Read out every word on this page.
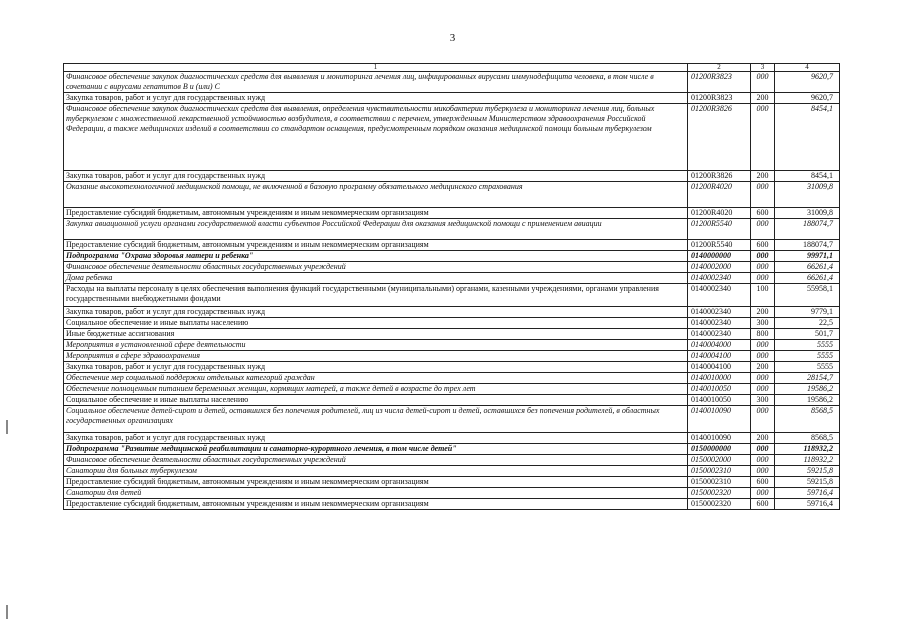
3
1	2	3	4
Финансовое обеспечение закупок диагностических средств для выявления и мониторинга лечения лиц, инфицированных вирусами иммунодефицита человека, в том числе в сочетании с вирусами гепатитов В и (или) С	01200R3823	000	9620,7
Закупка товаров, работ и услуг для государственных нужд	01200R3823	200	9620,7
Финансовое обеспечение закупок диагностических средств для выявления, определения чувствительности микобактерии туберкулеза и мониторинга лечения лиц, больных туберкулезом с множественной лекарственной устойчивостью возбудителя, в соответствии с перечнем, утвержденным Министерством здравоохранения Российской Федерации, а также медицинских изделий в соответствии со стандартом оснащения, предусмотренным порядком оказания медицинской помощи больным туберкулезом	01200R3826	000	8454,1
Закупка товаров, работ и услуг для государственных нужд	01200R3826	200	8454,1
Оказание высокотехнологичной медицинской помощи, не включенной в базовую программу обязательного медицинского страхования	01200R4020	000	31009,8
Предоставление субсидий бюджетным, автономным учреждениям и иным некоммерческим организациям	01200R4020	600	31009,8
Закупка авиационной услуги органами государственной власти субъектов Российской Федерации для оказания медицинской помощи с применением авиации	01200R5540	000	188074,7
Предоставление субсидий бюджетным, автономным учреждениям и иным некоммерческим организациям	01200R5540	600	188074,7
Подпрограмма "Охрана здоровья матери и ребенка"	0140000000	000	99971,1
Финансовое обеспечение деятельности областных государственных учреждений	0140002000	000	66261,4
Дома ребенка	0140002340	000	66261,4
Расходы на выплаты персоналу в целях обеспечения выполнения функций государственными (муниципальными) органами, казенными учреждениями, органами управления государственными внебюджетными фондами	0140002340	100	55958,1
Закупка товаров, работ и услуг для государственных нужд	0140002340	200	9779,1
Социальное обеспечение и иные выплаты населению	0140002340	300	22,5
Иные бюджетные ассигнования	0140002340	800	501,7
Мероприятия в установленной сфере деятельности	0140004000	000	5555
Мероприятия в сфере здравоохранения	0140004100	000	5555
Закупка товаров, работ и услуг для государственных нужд	0140004100	200	5555
Обеспечение мер социальной поддержки отдельных категорий граждан	0140010000	000	28154,7
Обеспечение полноценным питанием беременных женщин, кормящих матерей, а также детей в возрасте до трех лет	0140010050	000	19586,2
Социальное обеспечение и иные выплаты населению	0140010050	300	19586,2
Социальное обеспечение детей-сирот и детей, оставшихся без попечения родителей, лиц из числа детей-сирот и детей, оставшихся без попечения родителей, в областных государственных организациях	0140010090	000	8568,5
Закупка товаров, работ и услуг для государственных нужд	0140010090	200	8568,5
Подпрограмма "Развитие медицинской реабилитации и санаторно-курортного лечения, в том числе детей"	0150000000	000	118932,2
Финансовое обеспечение деятельности областных государственных учреждений	0150002000	000	118932,2
Санатории для больных туберкулезом	0150002310	000	59215,8
Предоставление субсидий бюджетным, автономным учреждениям и иным некоммерческим организациям	0150002310	600	59215,8
Санатории для детей	0150002320	000	59716,4
Предоставление субсидий бюджетным, автономным учреждениям и иным некоммерческим организациям	0150002320	600	59716,4
